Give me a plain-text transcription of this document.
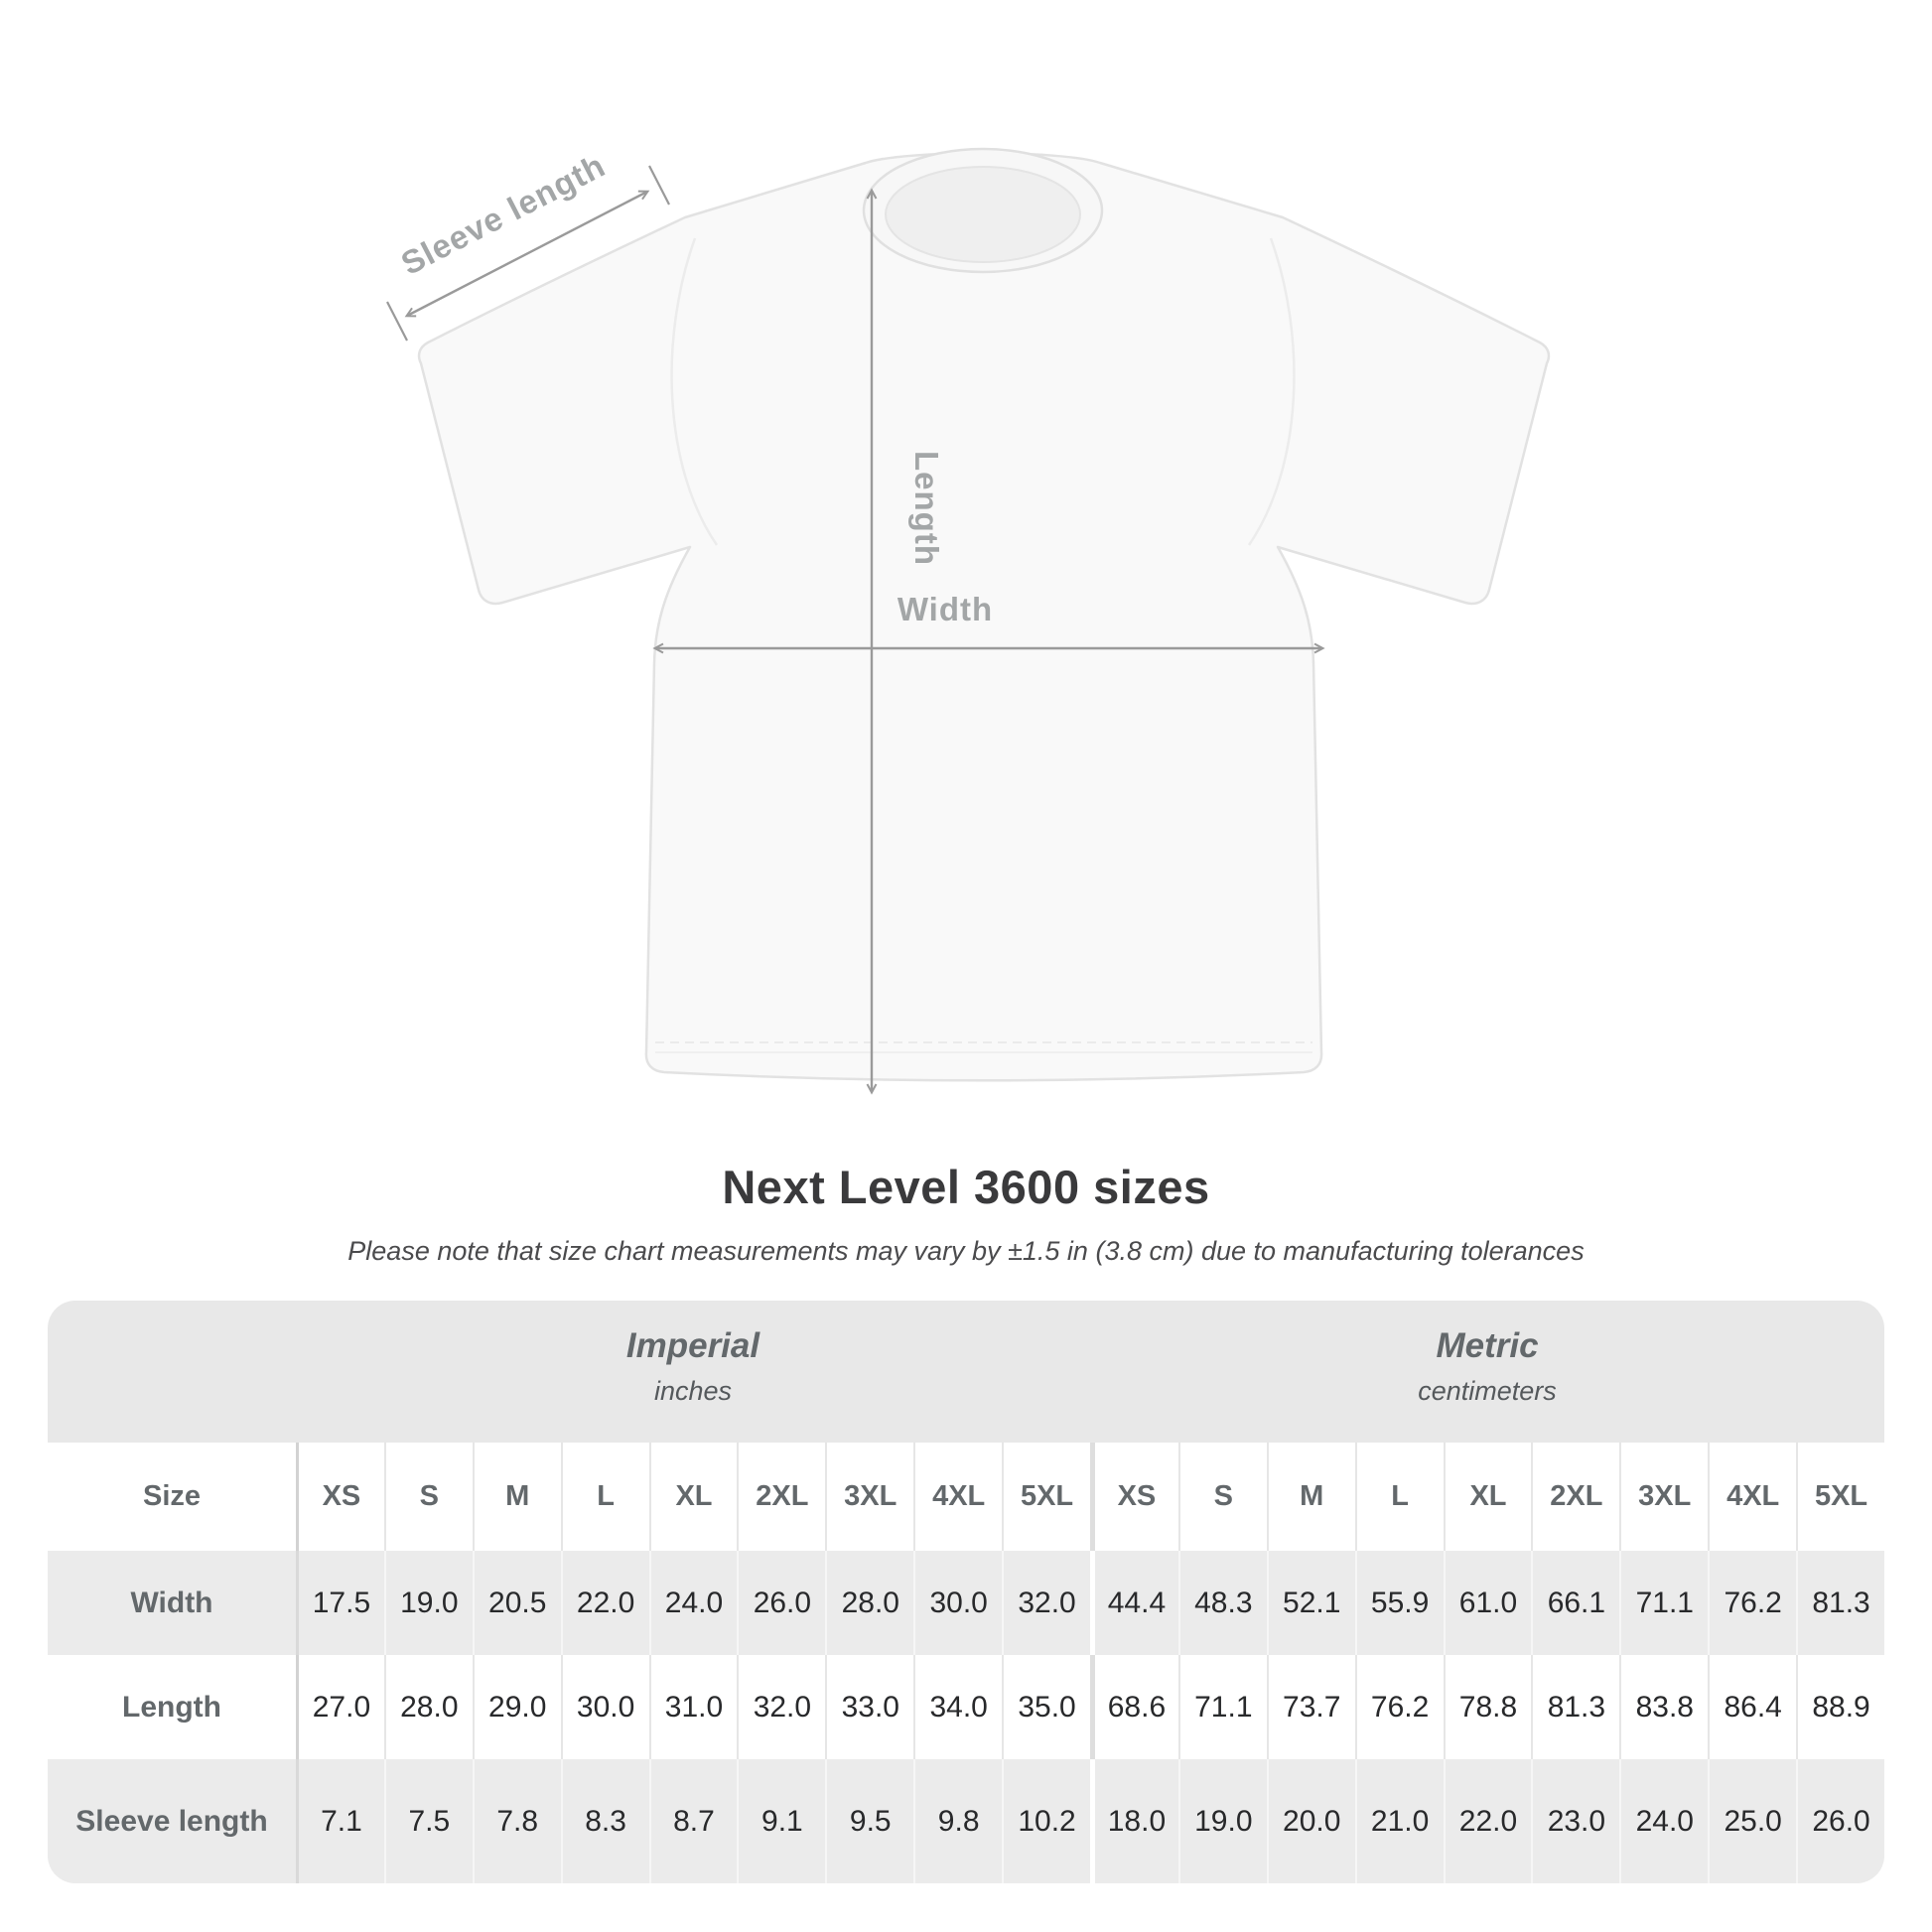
Sleeve length
Length
Width
Next Level 3600 sizes
Please note that size chart measurements may vary by ±1.5 in (3.8 cm) due to manufacturing tolerances
Imperial
inches
Metric
centimeters
Size	XS	S	M	L	XL	2XL	3XL	4XL	5XL	XS	S	M	L	XL	2XL	3XL	4XL	5XL
Width	17.5	19.0	20.5	22.0	24.0	26.0	28.0	30.0	32.0	44.4 48.3	52.1	55.9	61.0	66.1	71.1	76.2	81.3
Length	27.0	28.0	29.0	30.0	31.0	32.0	33.0	34.0	35.0	68.6 71.1	73.7	76.2	78.8	81.3	83.8	86.4	88.9
Sleeve length	7.1	7.5	7.8	8.3	8.7	9.1	9.5	9.8	10.2	18.0 19.0	20.0	21.0	22.0	23.0	24.0	25.0	26.0
